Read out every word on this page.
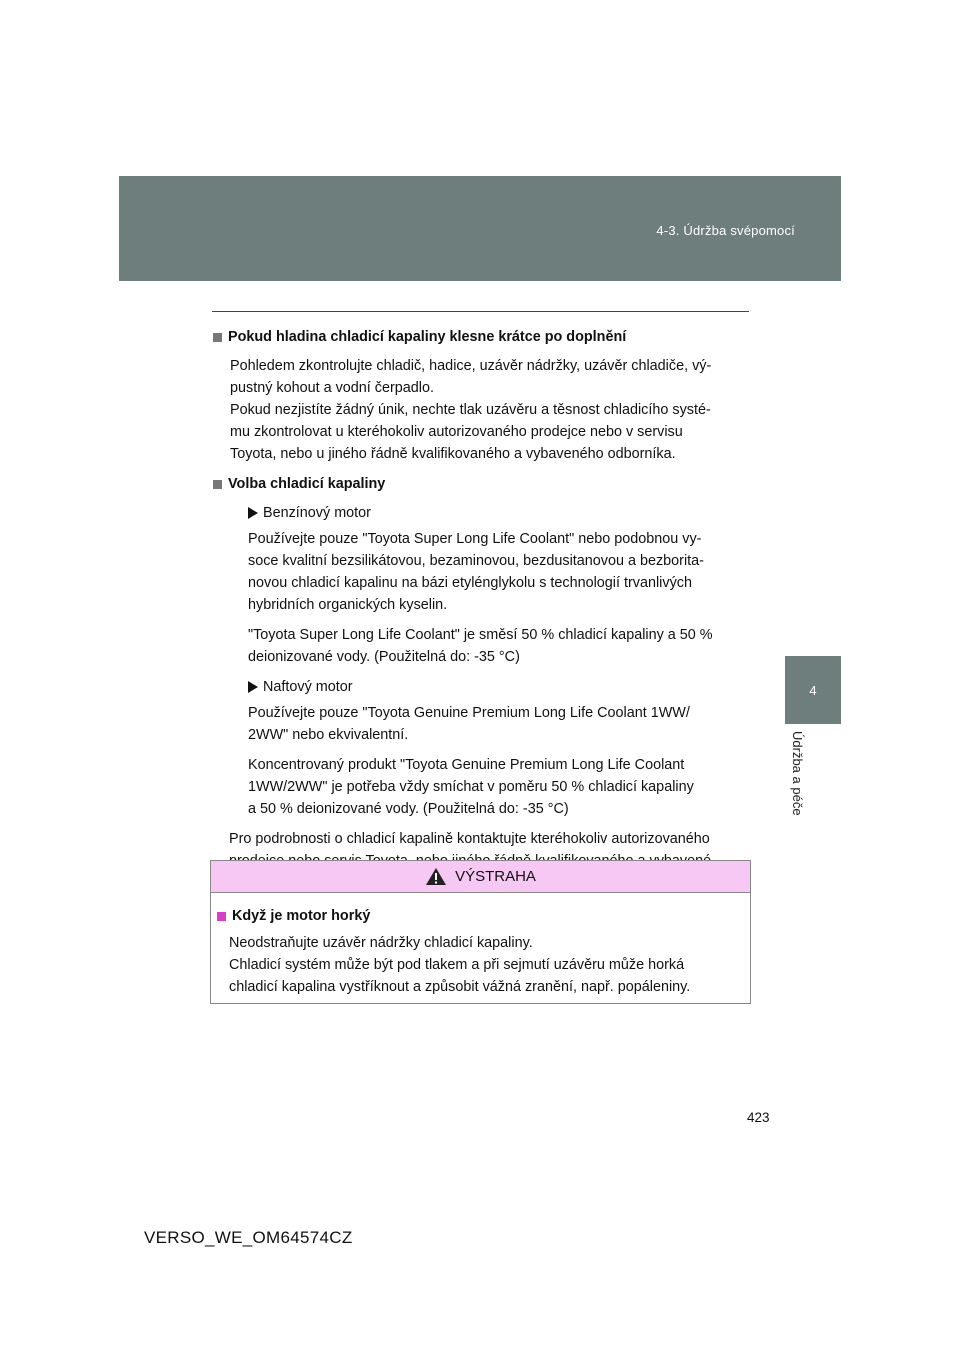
4-3. Údržba svépomocí
4
Údržba a péče
Pokud hladina chladicí kapaliny klesne krátce po doplnění
Pohledem zkontrolujte chladič, hadice, uzávěr nádržky, uzávěr chladiče, vý-
pustný kohout a vodní čerpadlo.
Pokud nezjistíte žádný únik, nechte tlak uzávěru a těsnost chladicího systé-
mu zkontrolovat u kteréhokoliv autorizovaného prodejce nebo v servisu
Toyota, nebo u jiného řádně kvalifikovaného a vybaveného odborníka.
Volba chladicí kapaliny
Benzínový motor
Používejte pouze "Toyota Super Long Life Coolant" nebo podobnou vy-
soce kvalitní bezsilikátovou, bezaminovou, bezdusitanovou a bezborita-
novou chladicí kapalinu na bázi etylénglykolu s technologií trvanlivých
hybridních organických kyselin.
"Toyota Super Long Life Coolant" je směsí 50 % chladicí kapaliny a 50 %
deionizované vody. (Použitelná do: -35 °C)
Naftový motor
Používejte pouze "Toyota Genuine Premium Long Life Coolant 1WW/
2WW" nebo ekvivalentní.
Koncentrovaný produkt "Toyota Genuine Premium Long Life Coolant
1WW/2WW" je potřeba vždy smíchat v poměru 50 % chladicí kapaliny
a 50 % deionizované vody. (Použitelná do: -35 °C)
Pro podrobnosti o chladicí kapalině kontaktujte kteréhokoliv autorizovaného
VÝSTRAHA
Když je motor horký
Neodstraňujte uzávěr nádržky chladicí kapaliny.
Chladicí systém může být pod tlakem a při sejmutí uzávěru může horká
chladicí kapalina vystříknout a způsobit vážná zranění, např. popáleniny.
423
VERSO_WE_OM64574CZ
